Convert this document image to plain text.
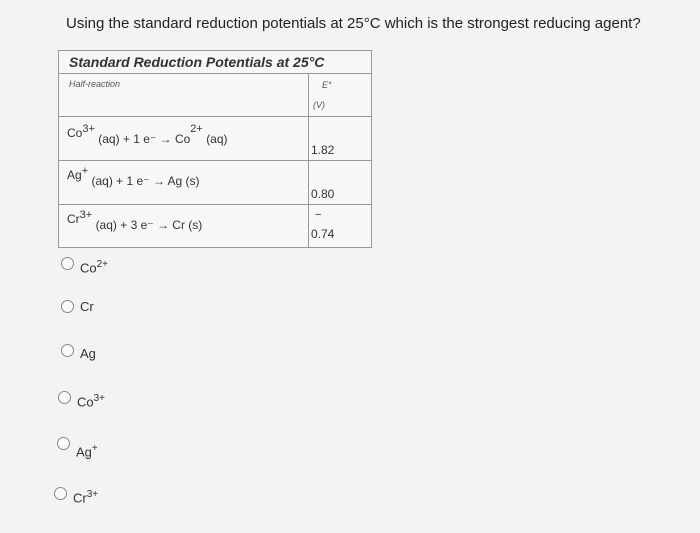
Using the standard reduction potentials at 25°C which is the strongest reducing agent?
Standard Reduction Potentials at 25°C
Half-reaction	E°
(V)
$Co^{3+}$ (aq) + 1 $e^- \to Co^{2+}$ (aq)
1.82
Ag+ (aq) + 1 e⁻ → Ag (s)
0.80
$Cr^{3+}$ (aq) + 3 e⁻ → Cr (s)
−
0.74
$Co^{2+}$
Cr
Ag
$Co^{3+}$
Ag+
$Cr^{3+}$
